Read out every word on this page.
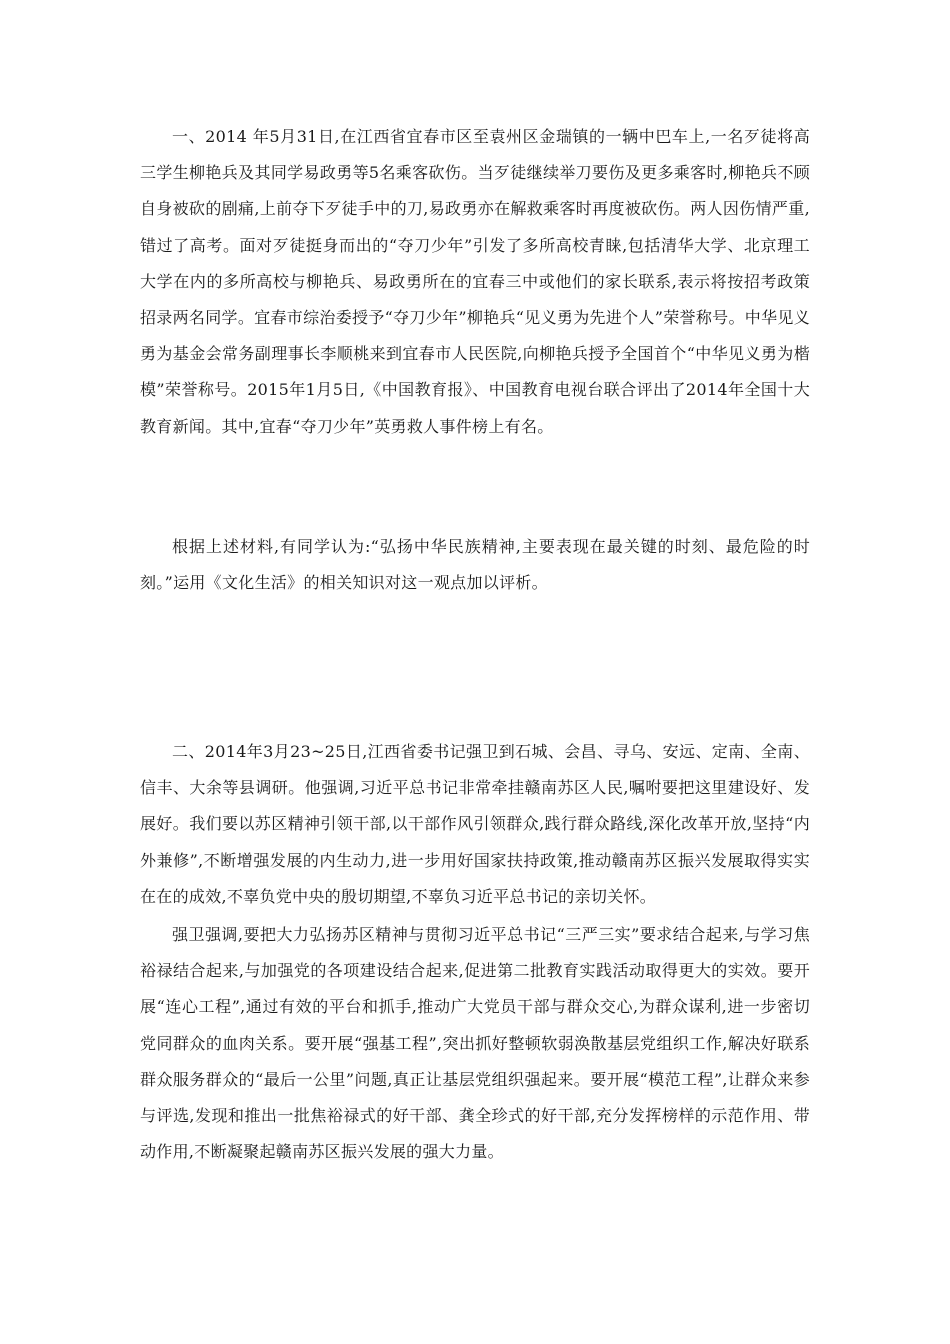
一、2014 年5月31日,在江西省宜春市区至袁州区金瑞镇的一辆中巴车上,一名歹徒将高三学生柳艳兵及其同学易政勇等5名乘客砍伤。当歹徒继续举刀要伤及更多乘客时,柳艳兵不顾自身被砍的剧痛,上前夺下歹徒手中的刀,易政勇亦在解救乘客时再度被砍伤。两人因伤情严重,错过了高考。面对歹徒挺身而出的“夺刀少年”引发了多所高校青睐,包括清华大学、北京理工大学在内的多所高校与柳艳兵、易政勇所在的宜春三中或他们的家长联系,表示将按招考政策招录两名同学。宜春市综治委授予“夺刀少年”柳艳兵“见义勇为先进个人”荣誉称号。中华见义勇为基金会常务副理事长李顺桃来到宜春市人民医院,向柳艳兵授予全国首个“中华见义勇为楷模”荣誉称号。2015年1月5日,《中国教育报》、中国教育电视台联合评出了2014年全国十大教育新闻。其中,宜春“夺刀少年”英勇救人事件榜上有名。

根据上述材料,有同学认为:“弘扬中华民族精神,主要表现在最关键的时刻、最危险的时刻。”运用《文化生活》的相关知识对这一观点加以评析。

二、2014年3月23~25日,江西省委书记强卫到石城、会昌、寻乌、安远、定南、全南、信丰、大余等县调研。他强调,习近平总书记非常牵挂赣南苏区人民,嘱咐要把这里建设好、发展好。我们要以苏区精神引领干部,以干部作风引领群众,践行群众路线,深化改革开放,坚持“内外兼修”,不断增强发展的内生动力,进一步用好国家扶持政策,推动赣南苏区振兴发展取得实实在在的成效,不辜负党中央的殷切期望,不辜负习近平总书记的亲切关怀。

强卫强调,要把大力弘扬苏区精神与贯彻习近平总书记“三严三实”要求结合起来,与学习焦裕禄结合起来,与加强党的各项建设结合起来,促进第二批教育实践活动取得更大的实效。要开展“连心工程”,通过有效的平台和抓手,推动广大党员干部与群众交心,为群众谋利,进一步密切党同群众的血肉关系。要开展“强基工程”,突出抓好整顿软弱涣散基层党组织工作,解决好联系群众服务群众的“最后一公里”问题,真正让基层党组织强起来。要开展“模范工程”,让群众来参与评选,发现和推出一批焦裕禄式的好干部、龚全珍式的好干部,充分发挥榜样的示范作用、带动作用,不断凝聚起赣南苏区振兴发展的强大力量。
